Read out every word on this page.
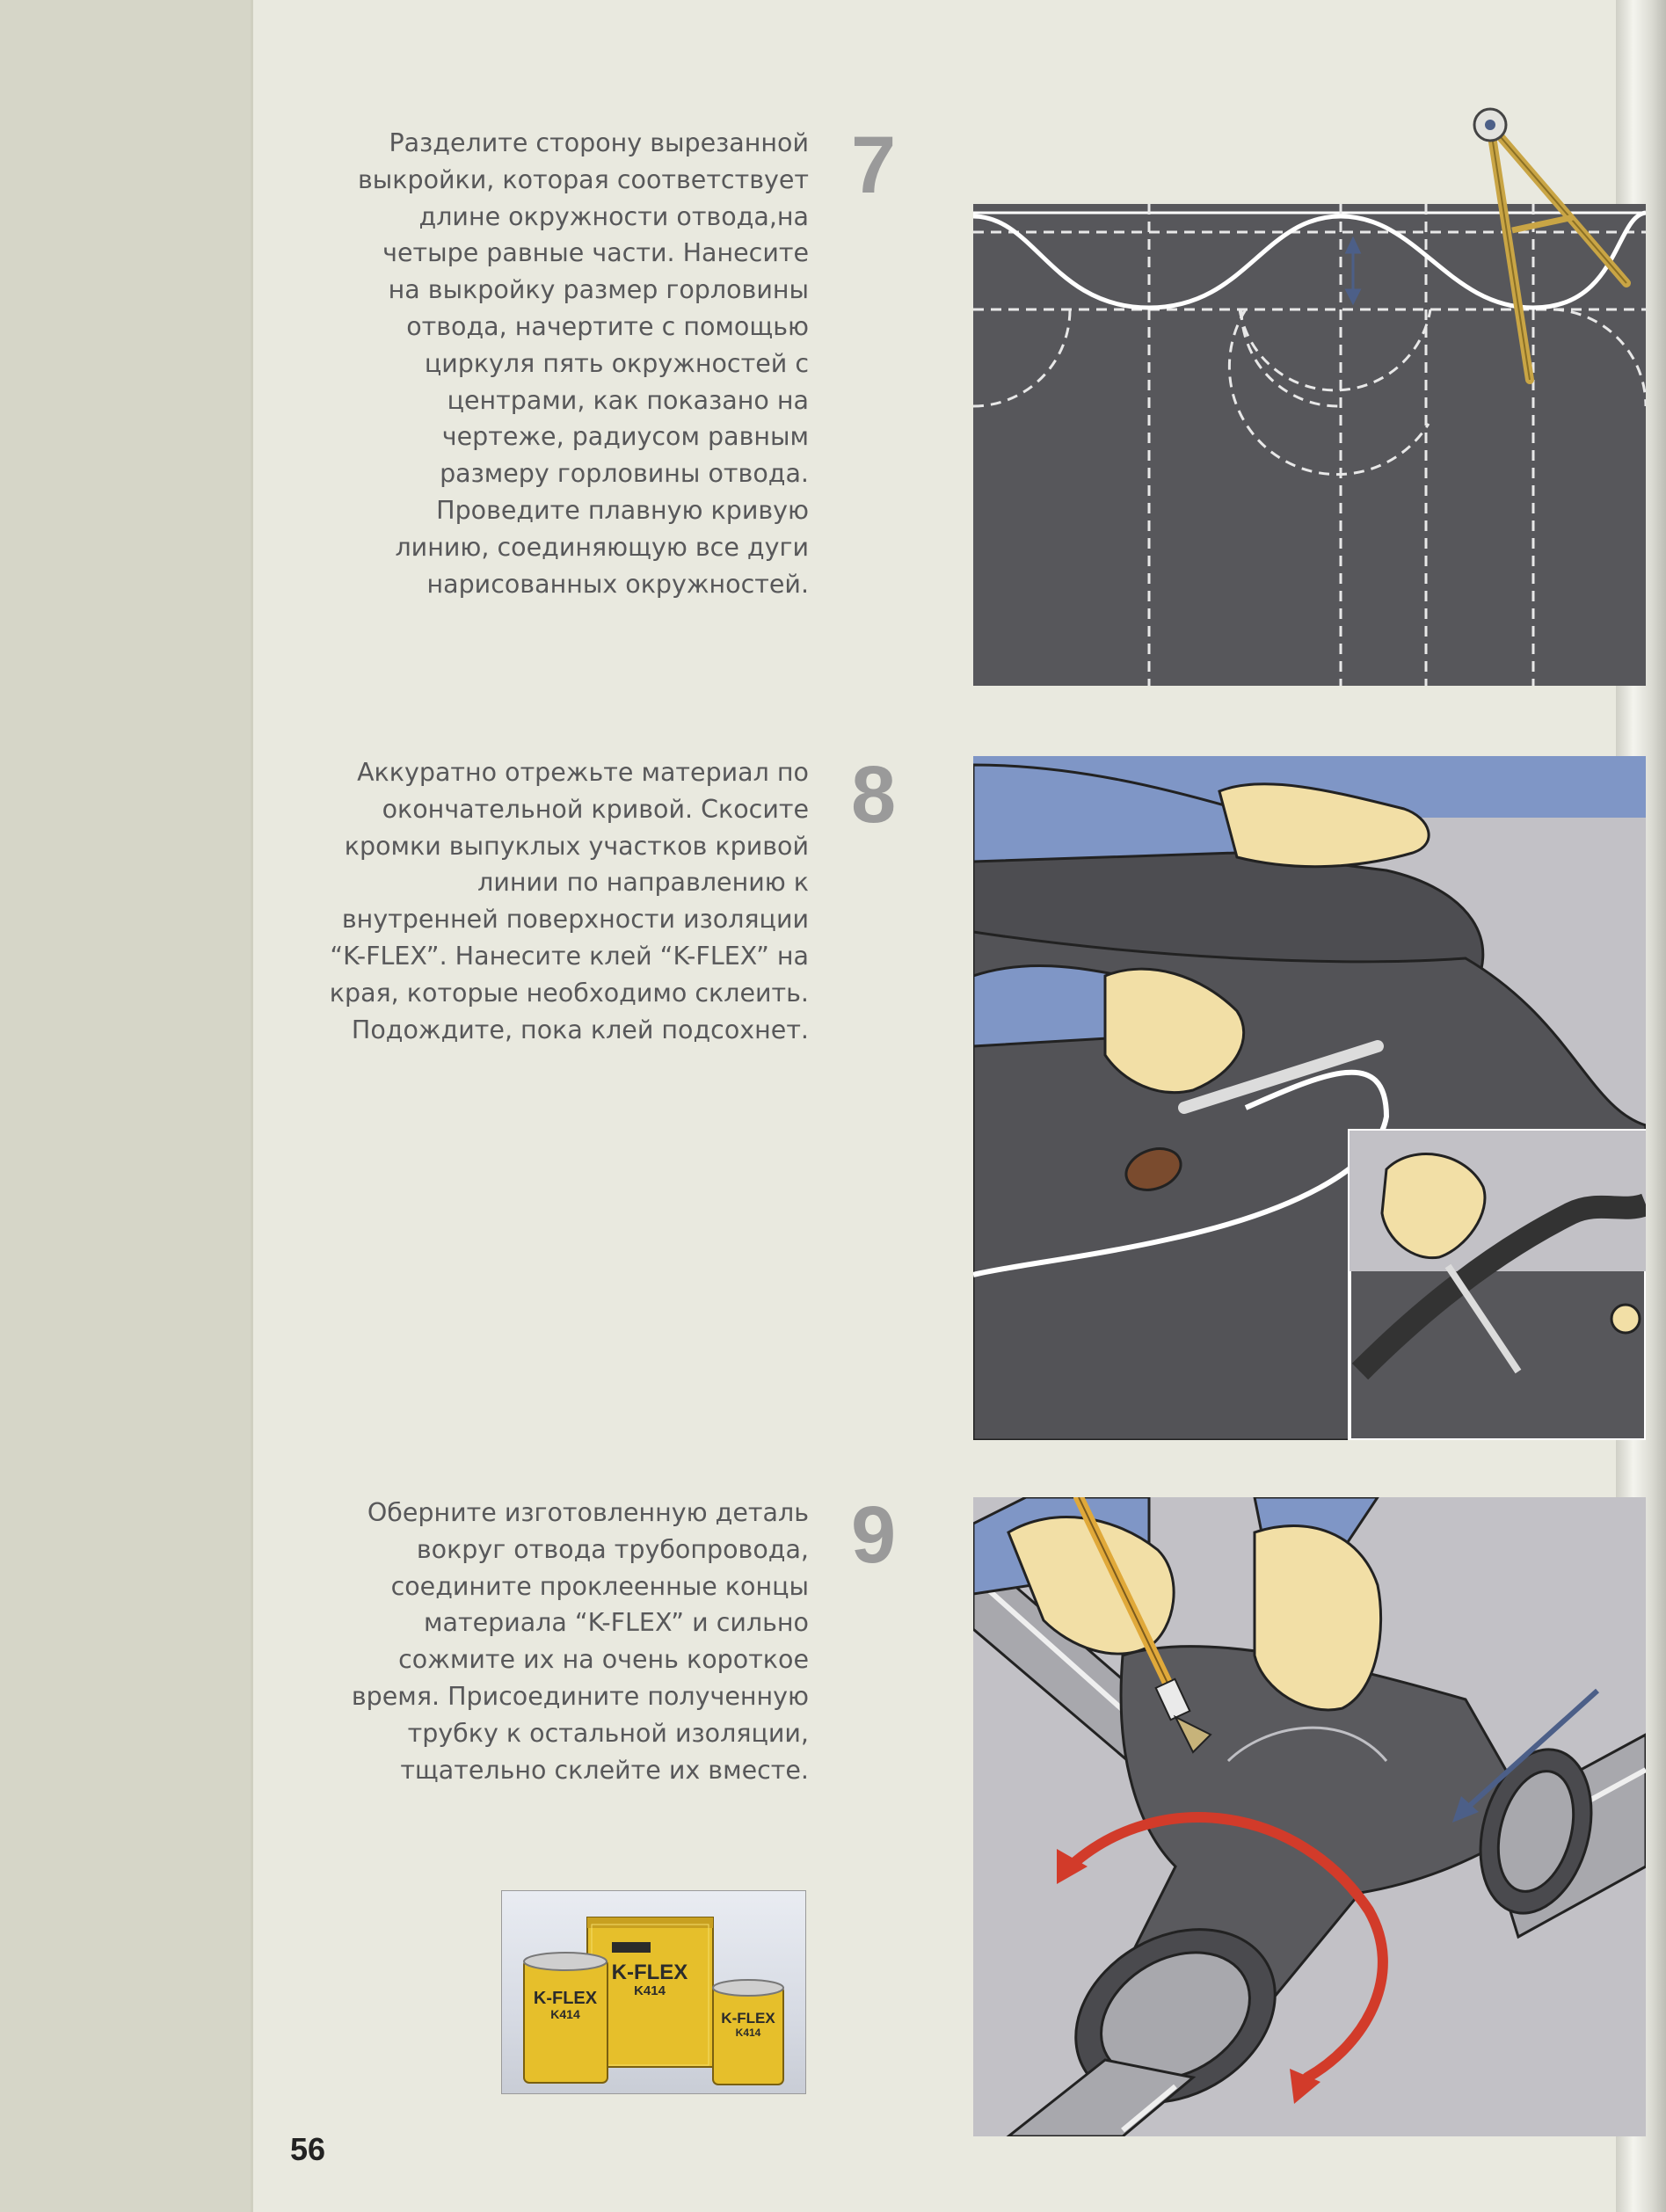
Разделите сторону вырезанной
выкройки, которая соответствует
длине окружности отвода,на
четыре равные части. Нанесите
на выкройку размер горловины
отвода, начертите с помощью
циркуля пять окружностей с
центрами, как показано на
чертеже, радиусом равным
размеру горловины отвода.
Проведите плавную кривую
линию, соединяющую все дуги
нарисованных окружностей.
7
Аккуратно отрежьте материал по
окончательной кривой. Скосите
кромки выпуклых участков кривой
линии по направлению к
внутренней поверхности изоляции
“K-FLEX”. Нанесите клей “K-FLEX” на
края, которые необходимо склеить.
Подождите, пока клей подсохнет.
8
Оберните изготовленную деталь
вокруг отвода трубопровода,
соедините проклеенные концы
материала “K-FLEX” и сильно
сожмите их на очень короткое
время. Присоедините полученную
трубку к остальной изоляции,
тщательно склейте их вместе.
9
K-FLEX
K414
K-FLEX
K414	K-FLEX
K414
56
